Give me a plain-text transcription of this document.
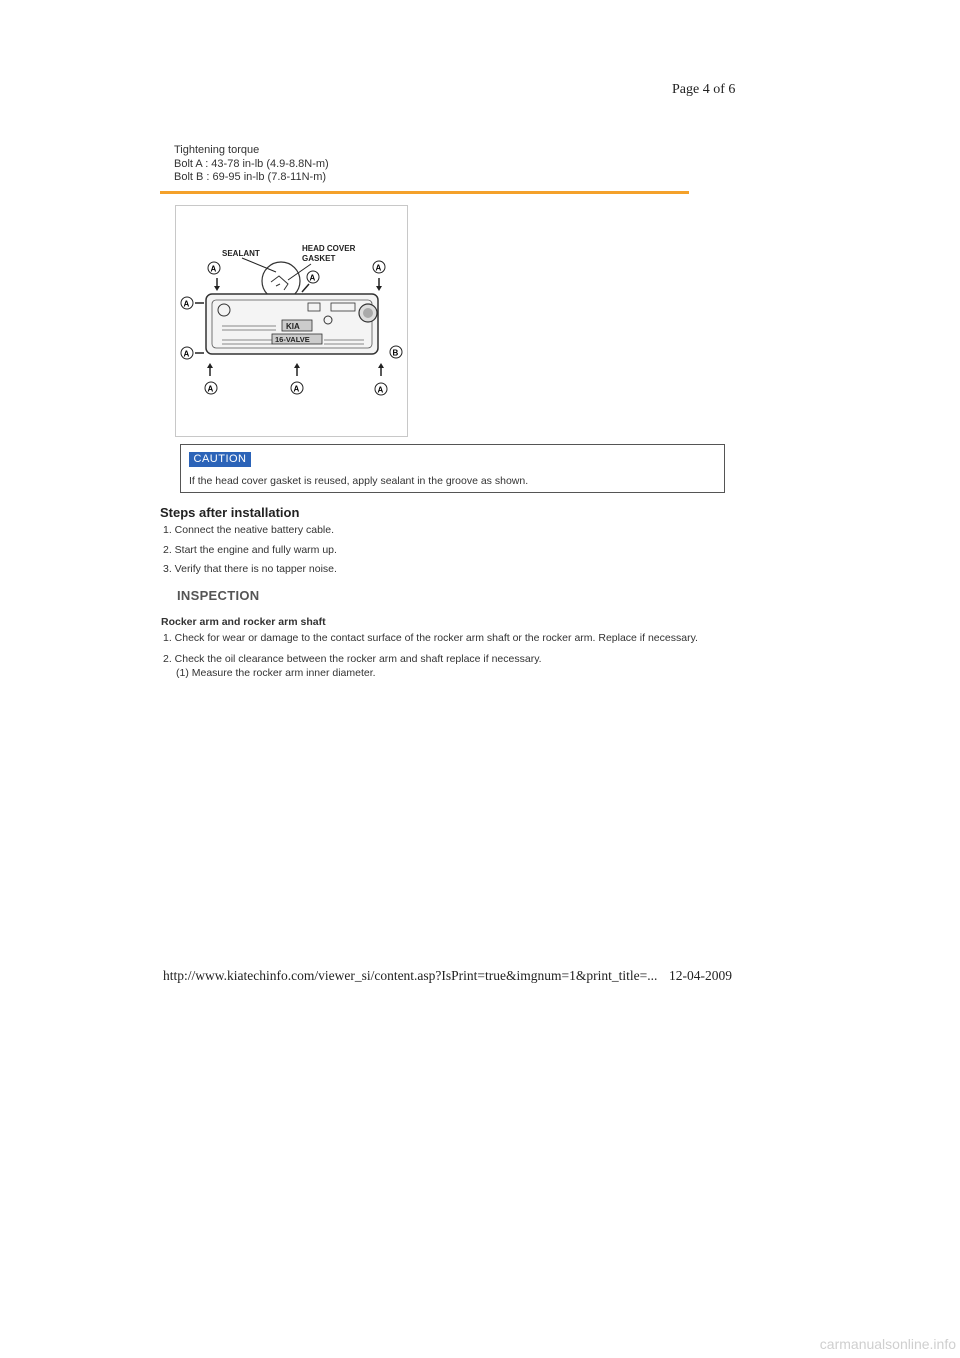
Page 4 of 6
Tightening torque
Bolt A : 43-78 in-lb (4.9-8.8N-m)
Bolt B : 69-95 in-lb (7.8-11N-m)
SEALANT
HEAD COVER
GASKET
KIA
16-VALVE
A
A
A
A
A	B
A	A	A
CAUTION
If the head cover gasket is reused, apply sealant in the groove as shown.
Steps after installation
1. Connect the neative battery cable.
2. Start the engine and fully warm up.
3. Verify that there is no tapper noise.
INSPECTION
Rocker arm and rocker arm shaft
1. Check for wear or damage to the contact surface of the rocker arm shaft or the rocker arm. Replace if necessary.
2. Check the oil clearance between the rocker arm and shaft replace if necessary.
(1) Measure the rocker arm inner diameter.
http://www.kiatechinfo.com/viewer_si/content.asp?IsPrint=true&imgnum=1&print_title=... 12-04-2009
carmanualsonline.info
